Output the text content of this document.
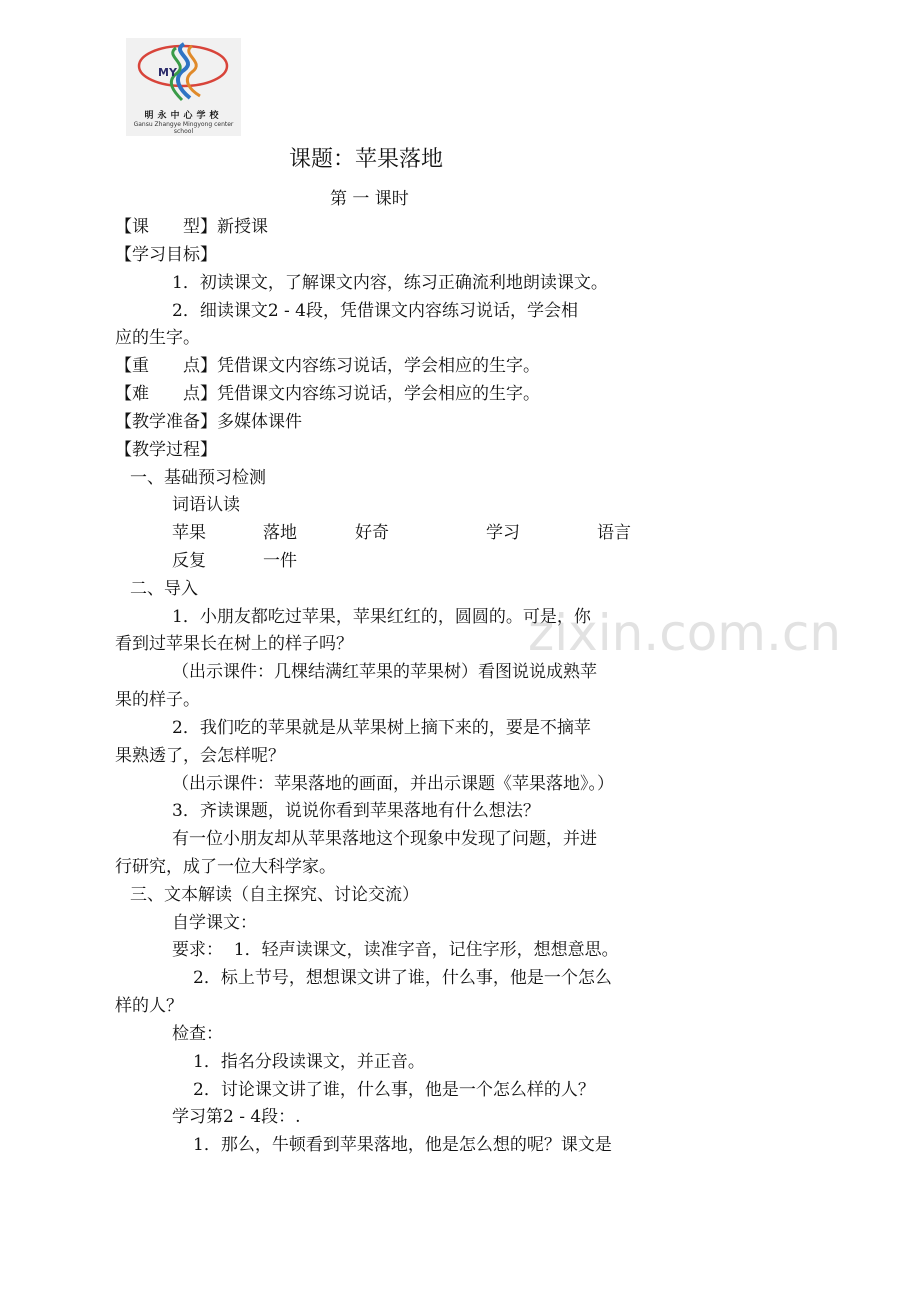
MY
明永中心学校
Gansu Zhangye Mingyong center school
课题：苹果落地
第 一 课时
【课　　型】新授课
【学习目标】
1．初读课文，了解课文内容，练习正确流利地朗读课文。
2．细读课文2 - 4段，凭借课文内容练习说话，学会相
应的生字。
【重　　点】凭借课文内容练习说话，学会相应的生字。
【难　　点】凭借课文内容练习说话，学会相应的生字。
【教学准备】多媒体课件
【教学过程】
一、基础预习检测
词语认读
苹果	落地	好奇	学习	语言
反复	一件
二、导入
1．小朋友都吃过苹果，苹果红红的，圆圆的。可是，你
看到过苹果长在树上的样子吗？
（出示课件：几棵结满红苹果的苹果树）看图说说成熟苹
果的样子。
2．我们吃的苹果就是从苹果树上摘下来的，要是不摘苹
果熟透了，会怎样呢？
（出示课件：苹果落地的画面，并出示课题《苹果落地》。）
3．齐读课题，说说你看到苹果落地有什么想法？
有一位小朋友却从苹果落地这个现象中发现了问题，并进
行研究，成了一位大科学家。
三、文本解读（自主探究、讨论交流）
自学课文：
要求：  1．轻声读课文，读准字音，记住字形，想想意思。
2．标上节号，想想课文讲了谁，什么事，他是一个怎么
样的人？
检查：
1．指名分段读课文，并正音。
2．讨论课文讲了谁，什么事，他是一个怎么样的人？
学习第2 - 4段：.
1．那么，牛顿看到苹果落地，他是怎么想的呢？课文是
zixin.com.cn
